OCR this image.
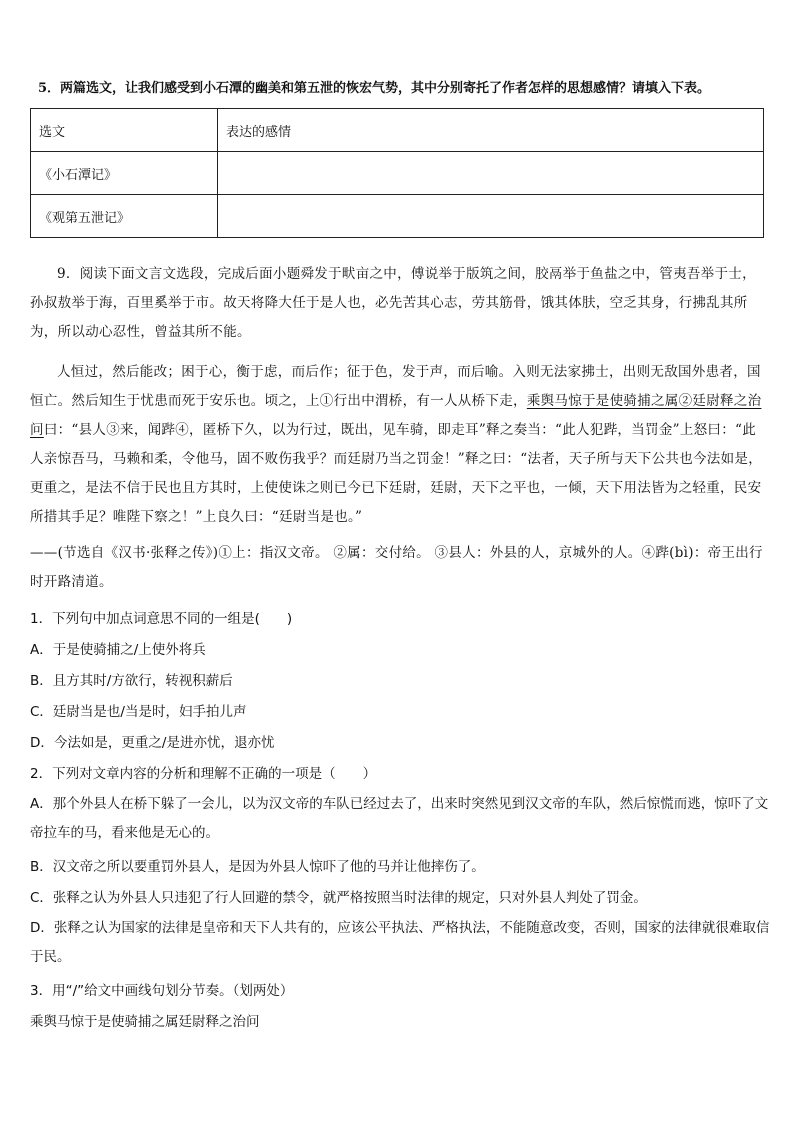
5．两篇选文，让我们感受到小石潭的幽美和第五泄的恢宏气势，其中分别寄托了作者怎样的思想感情？请填入下表。
选文	表达的感情
《小石潭记》	
《观第五泄记》	
9．阅读下面文言文选段，完成后面小题舜发于畎亩之中，傅说举于版筑之间，胶鬲举于鱼盐之中，管夷吾举于士，孙叔敖举于海，百里奚举于市。故天将降大任于是人也，必先苦其心志，劳其筋骨，饿其体肤，空乏其身，行拂乱其所为，所以动心忍性，曾益其所不能。
人恒过，然后能改；困于心，衡于虑，而后作；征于色，发于声，而后喻。入则无法家拂士，出则无敌国外患者，国恒亡。然后知生于忧患而死于安乐也。顷之，上①行出中渭桥，有一人从桥下走，乘舆马惊于是使骑捕之属②廷尉释之治问曰：“县人③来，闻跸④，匿桥下久，以为行过，既出，见车骑，即走耳”释之奏当：“此人犯跸，当罚金”上怒曰：“此人亲惊吾马，马赖和柔，令他马，固不败伤我乎？而廷尉乃当之罚金！”释之曰：“法者，天子所与天下公共也今法如是，更重之，是法不信于民也且方其时，上使使诛之则已今已下廷尉，廷尉，天下之平也，一倾，天下用法皆为之轻重，民安所措其手足？唯陛下察之！”上良久曰：“廷尉当是也。”
——(节选自《汉书·张释之传》)①上：指汉文帝。 ②属：交付给。 ③县人：外县的人，京城外的人。④跸(bì)：帝王出行时开路清道。
1．下列句中加点词意思不同的一组是(　　)
A．于是使骑捕之/上使外将兵
B．且方其时/方欲行，转视积薪后
C．廷尉当是也/当是时，妇手拍儿声
D．今法如是，更重之/是进亦忧，退亦忧
2．下列对文章内容的分析和理解不正确的一项是（　　）
A．那个外县人在桥下躲了一会儿，以为汉文帝的车队已经过去了，出来时突然见到汉文帝的车队，然后惊慌而逃，惊吓了文帝拉车的马，看来他是无心的。
B．汉文帝之所以要重罚外县人，是因为外县人惊吓了他的马并让他摔伤了。
C．张释之认为外县人只违犯了行人回避的禁令，就严格按照当时法律的规定，只对外县人判处了罚金。
D．张释之认为国家的法律是皇帝和天下人共有的，应该公平执法、严格执法，不能随意改变，否则，国家的法律就很难取信于民。
3．用“/”给文中画线句划分节奏。（划两处）
乘舆马惊于是使骑捕之属廷尉释之治问
